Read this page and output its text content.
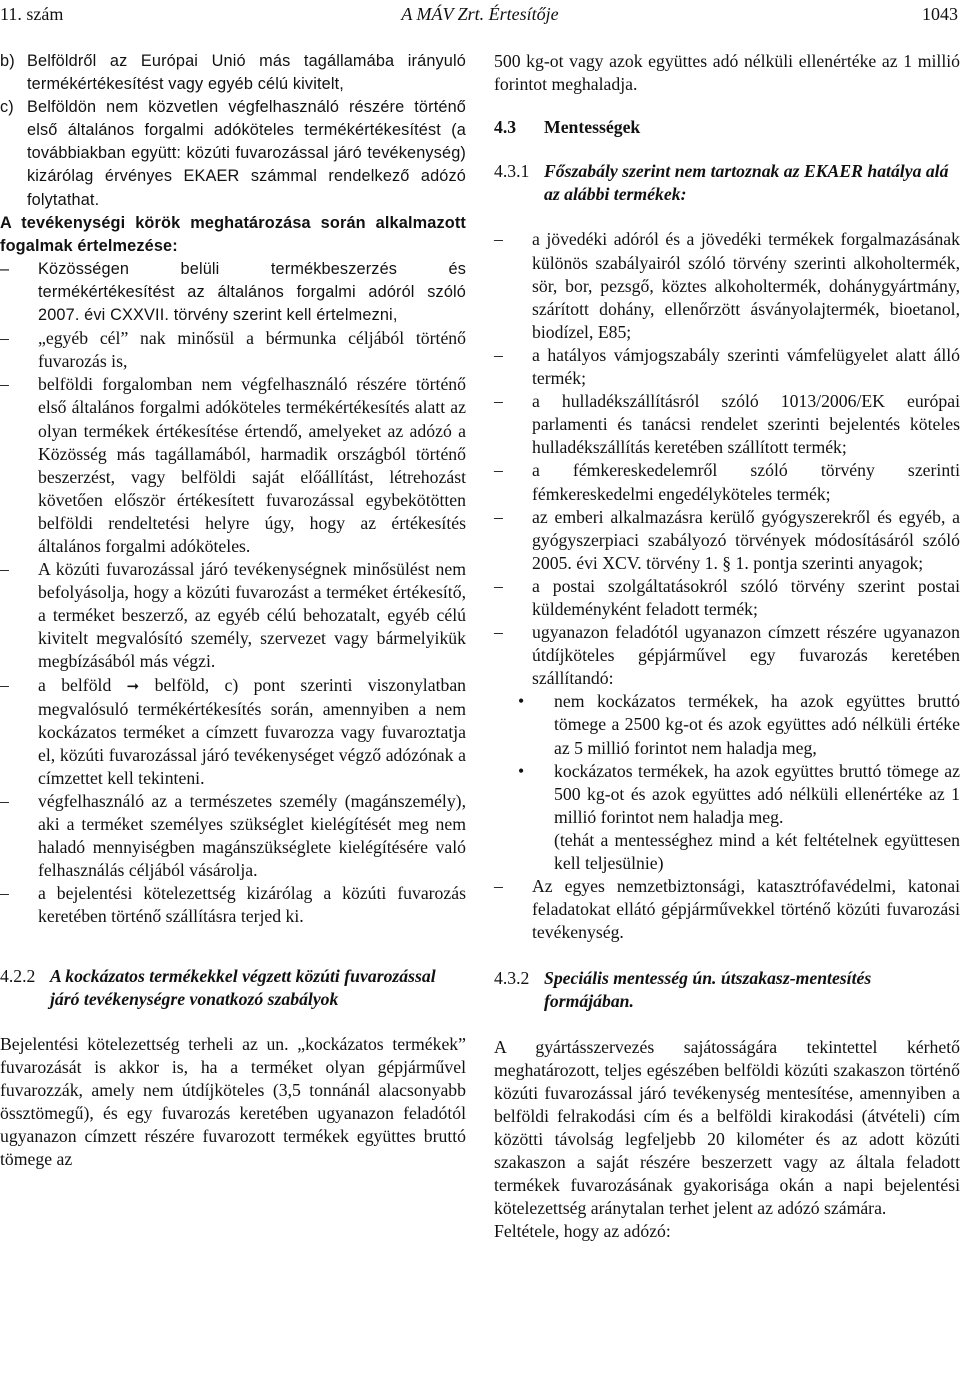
11. szám	A MÁV Zrt. Értesítője	1043
b) Belföldről az Európai Unió más tagállamába irányuló termékértékesítést vagy egyéb célú kivitelt,
c) Belföldön nem közvetlen végfelhasználó részére történő első általános forgalmi adóköteles termékértékesítést (a továbbiakban együtt: közúti fuvarozással járó tevékenység) kizárólag érvényes EKAER számmal rendelkező adózó folytathat.

A tevékenységi körök meghatározása során alkalmazott fogalmak értelmezése:

– Közösségen belüli termékbeszerzés és termékértékesítést az általános forgalmi adóról szóló 2007. évi CXXVII. törvény szerint kell értelmezni,
– „egyéb cél” nak minősül a bérmunka céljából történő fuvarozás is,
– belföldi forgalomban nem végfelhasználó részére történő első általános forgalmi adóköteles termékértékesítés alatt az olyan termékek értékesítése értendő, amelyeket az adózó a Közösség más tagállamából, harmadik országból történő beszerzést, vagy belföldi saját előállítást, létrehozást követően először értékesített fuvarozással egybekötötten belföldi rendeltetési helyre úgy, hogy az értékesítés általános forgalmi adóköteles.
– A közúti fuvarozással járó tevékenységnek minősülést nem befolyásolja, hogy a közúti fuvarozást a terméket értékesítő, a terméket beszerző, az egyéb célú behozatalt, egyéb célú kivitelt megvalósító személy, szervezet vagy bármelyikük megbízásából más végzi.
– a belföld ➞ belföld, c) pont szerinti viszonylatban megvalósuló termékértékesítés során, amennyiben a nem kockázatos terméket a címzett fuvarozza vagy fuvaroztatja el, közúti fuvarozással járó tevékenységet végző adózónak a címzettet kell tekinteni.
– végfelhasználó az a természetes személy (magánszemély), aki a terméket személyes szükséglet kielégítését meg nem haladó mennyiségben magánszükséglete kielégítésére való felhasználás céljából vásárolja.
– a bejelentési kötelezettség kizárólag a közúti fuvarozás keretében történő szállításra terjed ki.
4.2.2 A kockázatos termékekkel végzett közúti fuvarozással járó tevékenységre vonatkozó szabályok

Bejelentési kötelezettség terheli az un. „kockázatos termékek” fuvarozását is akkor is, ha a terméket olyan gépjárművel fuvarozzák, amely nem útdíjköteles (3,5 tonnánál alacsonyabb össztömegű), és egy fuvarozás keretében ugyanazon feladótól ugyanazon címzett részére fuvarozott termékek együttes bruttó tömege az

500 kg-ot vagy azok együttes adó nélküli ellenértéke az 1 millió forintot meghaladja.

4.3	Mentességek
4.3.1 Főszabály szerint nem tartoznak az EKAER hatálya alá az alábbi termékek:
– a jövedéki adóról és a jövedéki termékek forgalmazásának különös szabályairól szóló törvény szerinti alkoholtermék, sör, bor, pezsgő, köztes alkoholtermék, dohánygyártmány, szárított dohány, ellenőrzött ásványolajtermék, bioetanol, biodízel, E85;
– a hatályos vámjogszabály szerinti vámfelügyelet alatt álló termék;
– a hulladékszállításról szóló 1013/2006/EK európai parlamenti és tanácsi rendelet szerinti bejelentés köteles hulladékszállítás keretében szállított termék;
– a fémkereskedelemről szóló törvény szerinti fémkereskedelmi engedélyköteles termék;
– az emberi alkalmazásra kerülő gyógyszerekről és egyéb, a gyógyszerpiaci szabályozó törvények módosításáról szóló 2005. évi XCV. törvény 1. § 1. pontja szerinti anyagok;
– a postai szolgáltatásokról szóló törvény szerint postai küldeményként feladott termék;
– ugyanazon feladótól ugyanazon címzett részére ugyanazon útdíjköteles gépjárművel egy fuvarozás keretében szállítandó:
• nem kockázatos termékek, ha azok együttes bruttó tömege a 2500 kg-ot és azok együttes adó nélküli értéke az 5 millió forintot nem haladja meg,
• kockázatos termékek, ha azok együttes bruttó tömege az 500 kg-ot és azok együttes adó nélküli ellenértéke az 1 millió forintot nem haladja meg.

(tehát a mentességhez mind a két feltételnek együttesen kell teljesülnie)

– Az egyes nemzetbiztonsági, katasztrófavédelmi, katonai feladatokat ellátó gépjárművekkel történő közúti fuvarozási tevékenység.
4.3.2 Speciális mentesség ún. útszakasz-mentesítés formájában.

A gyártásszervezés sajátosságára tekintettel kérhető meghatározott, teljes egészében belföldi közúti szakaszon történő közúti fuvarozással járó tevékenység mentesítése, amennyiben a belföldi felrakodási cím és a belföldi kirakodási (átvételi) cím közötti távolság legfeljebb 20 kilométer és az adott közúti szakaszon a saját részére beszerzett vagy az általa feladott termékek fuvarozásának gyakorisága okán a napi bejelentési kötelezettség aránytalan terhet jelent az adózó számára.

Feltétele, hogy az adózó:
